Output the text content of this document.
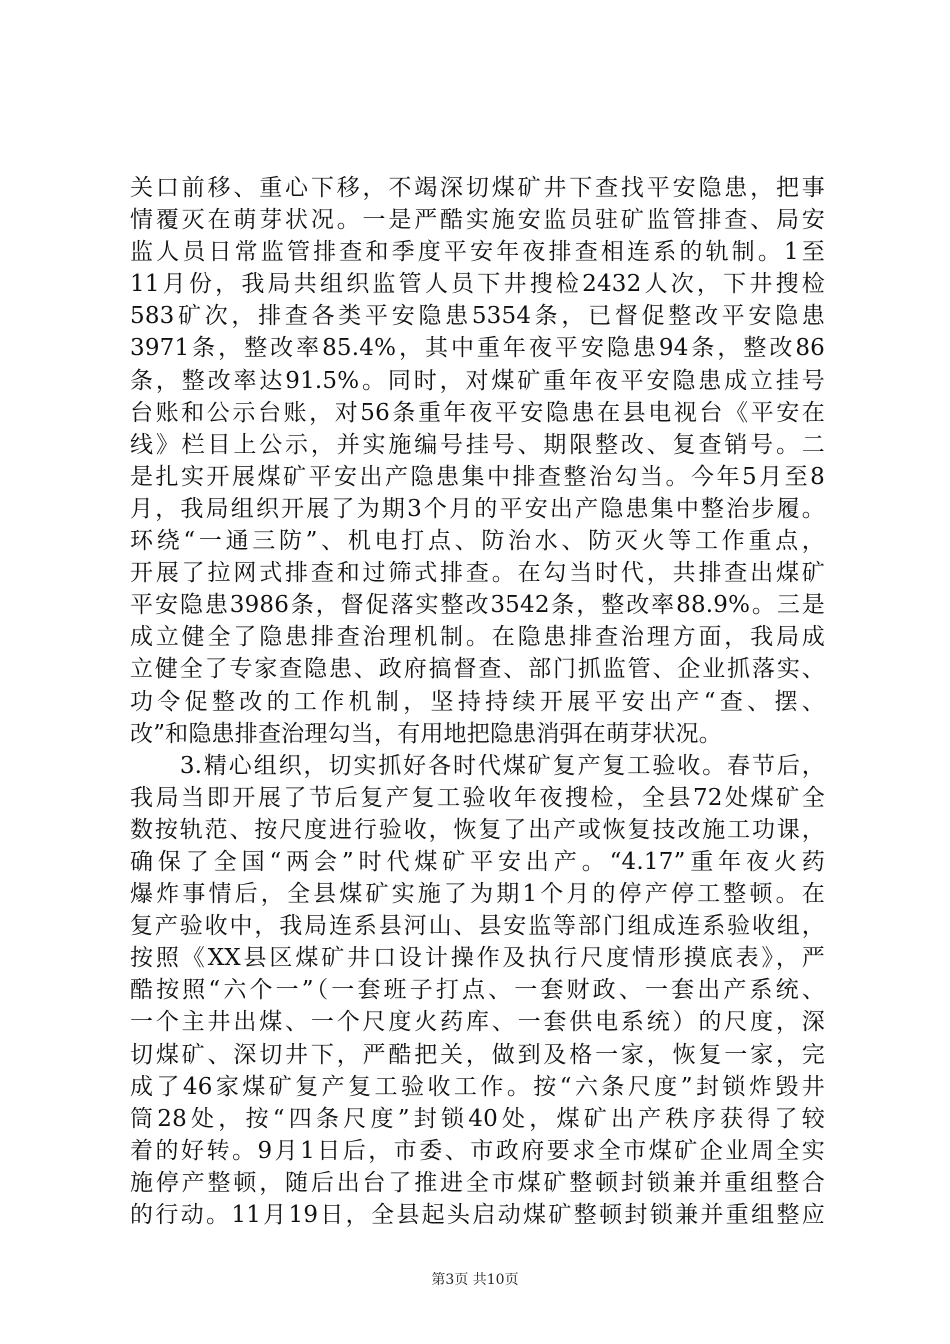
关口前移、重心下移，不竭深切煤矿井下查找平安隐患，把事
情覆灭在萌芽状况。一是严酷实施安监员驻矿监管排查、局安
监人员日常监管排查和季度平安年夜排查相连系的轨制。1至
11月份，我局共组织监管人员下井搜检2432人次，下井搜检
583矿次，排查各类平安隐患5354条，已督促整改平安隐患
3971条，整改率85.4%，其中重年夜平安隐患94条，整改86
条，整改率达91.5%。同时，对煤矿重年夜平安隐患成立挂号
台账和公示台账，对56条重年夜平安隐患在县电视台《平安在
线》栏目上公示，并实施编号挂号、期限整改、复查销号。二
是扎实开展煤矿平安出产隐患集中排查整治勾当。今年5月至8
月，我局组织开展了为期3个月的平安出产隐患集中整治步履。
环绕“一通三防”、机电打点、防治水、防灭火等工作重点，
开展了拉网式排查和过筛式排查。在勾当时代，共排查出煤矿
平安隐患3986条，督促落实整改3542条，整改率88.9%。三是
成立健全了隐患排查治理机制。在隐患排查治理方面，我局成
立健全了专家查隐患、政府搞督查、部门抓监管、企业抓落实、
功令促整改的工作机制，坚持持续开展平安出产“查、摆、
改”和隐患排查治理勾当，有用地把隐患消弭在萌芽状况。
　　3.精心组织，切实抓好各时代煤矿复产复工验收。春节后，
我局当即开展了节后复产复工验收年夜搜检，全县72处煤矿全
数按轨范、按尺度进行验收，恢复了出产或恢复技改施工功课，
确保了全国“两会”时代煤矿平安出产。“4.17”重年夜火药
爆炸事情后，全县煤矿实施了为期1个月的停产停工整顿。在
复产验收中，我局连系县河山、县安监等部门组成连系验收组，
按照《XX县区煤矿井口设计操作及执行尺度情形摸底表》，严
酷按照“六个一”（一套班子打点、一套财政、一套出产系统、
一个主井出煤、一个尺度火药库、一套供电系统）的尺度，深
切煤矿、深切井下，严酷把关，做到及格一家，恢复一家，完
成了46家煤矿复产复工验收工作。按“六条尺度”封锁炸毁井
筒28处，按“四条尺度”封锁40处，煤矿出产秩序获得了较
着的好转。9月1日后，市委、市政府要求全市煤矿企业周全实
施停产整顿，随后出台了推进全市煤矿整顿封锁兼并重组整合
的行动。11月19日，全县起头启动煤矿整顿封锁兼并重组整应
第3页 共10页
